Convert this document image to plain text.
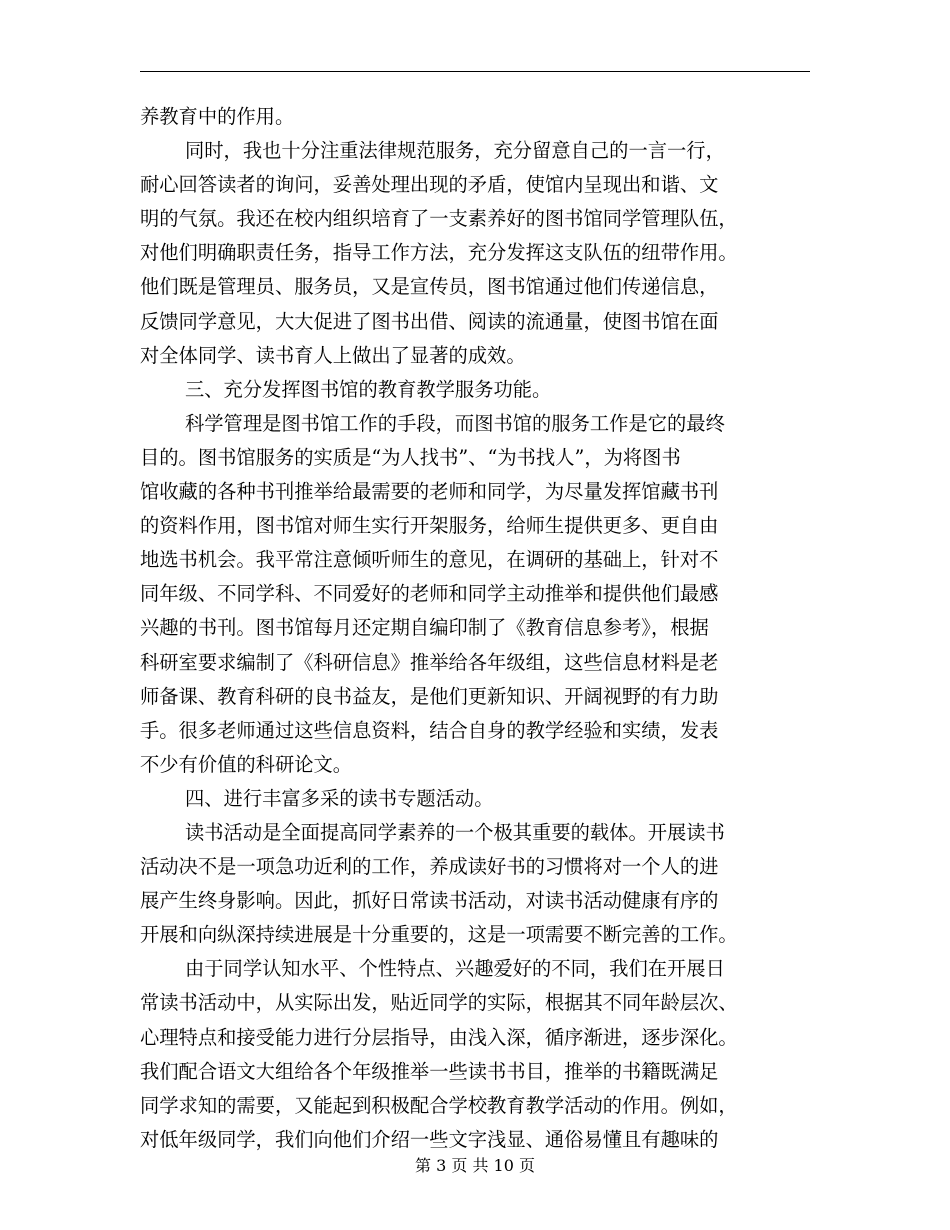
养教育中的作用。
同时，我也十分注重法律规范服务，充分留意自己的一言一行，
耐心回答读者的询问，妥善处理出现的矛盾，使馆内呈现出和谐、文
明的气氛。我还在校内组织培育了一支素养好的图书馆同学管理队伍，
对他们明确职责任务，指导工作方法，充分发挥这支队伍的纽带作用。
他们既是管理员、服务员，又是宣传员，图书馆通过他们传递信息，
反馈同学意见，大大促进了图书出借、阅读的流通量，使图书馆在面
对全体同学、读书育人上做出了显著的成效。
三、充分发挥图书馆的教育教学服务功能。
科学管理是图书馆工作的手段，而图书馆的服务工作是它的最终
目的。图书馆服务的实质是“为人找书”、“为书找人”，为将图书
馆收藏的各种书刊推举给最需要的老师和同学，为尽量发挥馆藏书刊
的资料作用，图书馆对师生实行开架服务，给师生提供更多、更自由
地选书机会。我平常注意倾听师生的意见，在调研的基础上，针对不
同年级、不同学科、不同爱好的老师和同学主动推举和提供他们最感
兴趣的书刊。图书馆每月还定期自编印制了《教育信息参考》，根据
科研室要求编制了《科研信息》推举给各年级组，这些信息材料是老
师备课、教育科研的良书益友，是他们更新知识、开阔视野的有力助
手。很多老师通过这些信息资料，结合自身的教学经验和实绩，发表
不少有价值的科研论文。
四、进行丰富多采的读书专题活动。
读书活动是全面提高同学素养的一个极其重要的载体。开展读书
活动决不是一项急功近利的工作，养成读好书的习惯将对一个人的进
展产生终身影响。因此，抓好日常读书活动，对读书活动健康有序的
开展和向纵深持续进展是十分重要的，这是一项需要不断完善的工作。
由于同学认知水平、个性特点、兴趣爱好的不同，我们在开展日
常读书活动中，从实际出发，贴近同学的实际，根据其不同年龄层次、
心理特点和接受能力进行分层指导，由浅入深，循序渐进，逐步深化。
我们配合语文大组给各个年级推举一些读书书目，推举的书籍既满足
同学求知的需要，又能起到积极配合学校教育教学活动的作用。例如，
对低年级同学，我们向他们介绍一些文字浅显、通俗易懂且有趣味的
第 3 页 共 10 页
